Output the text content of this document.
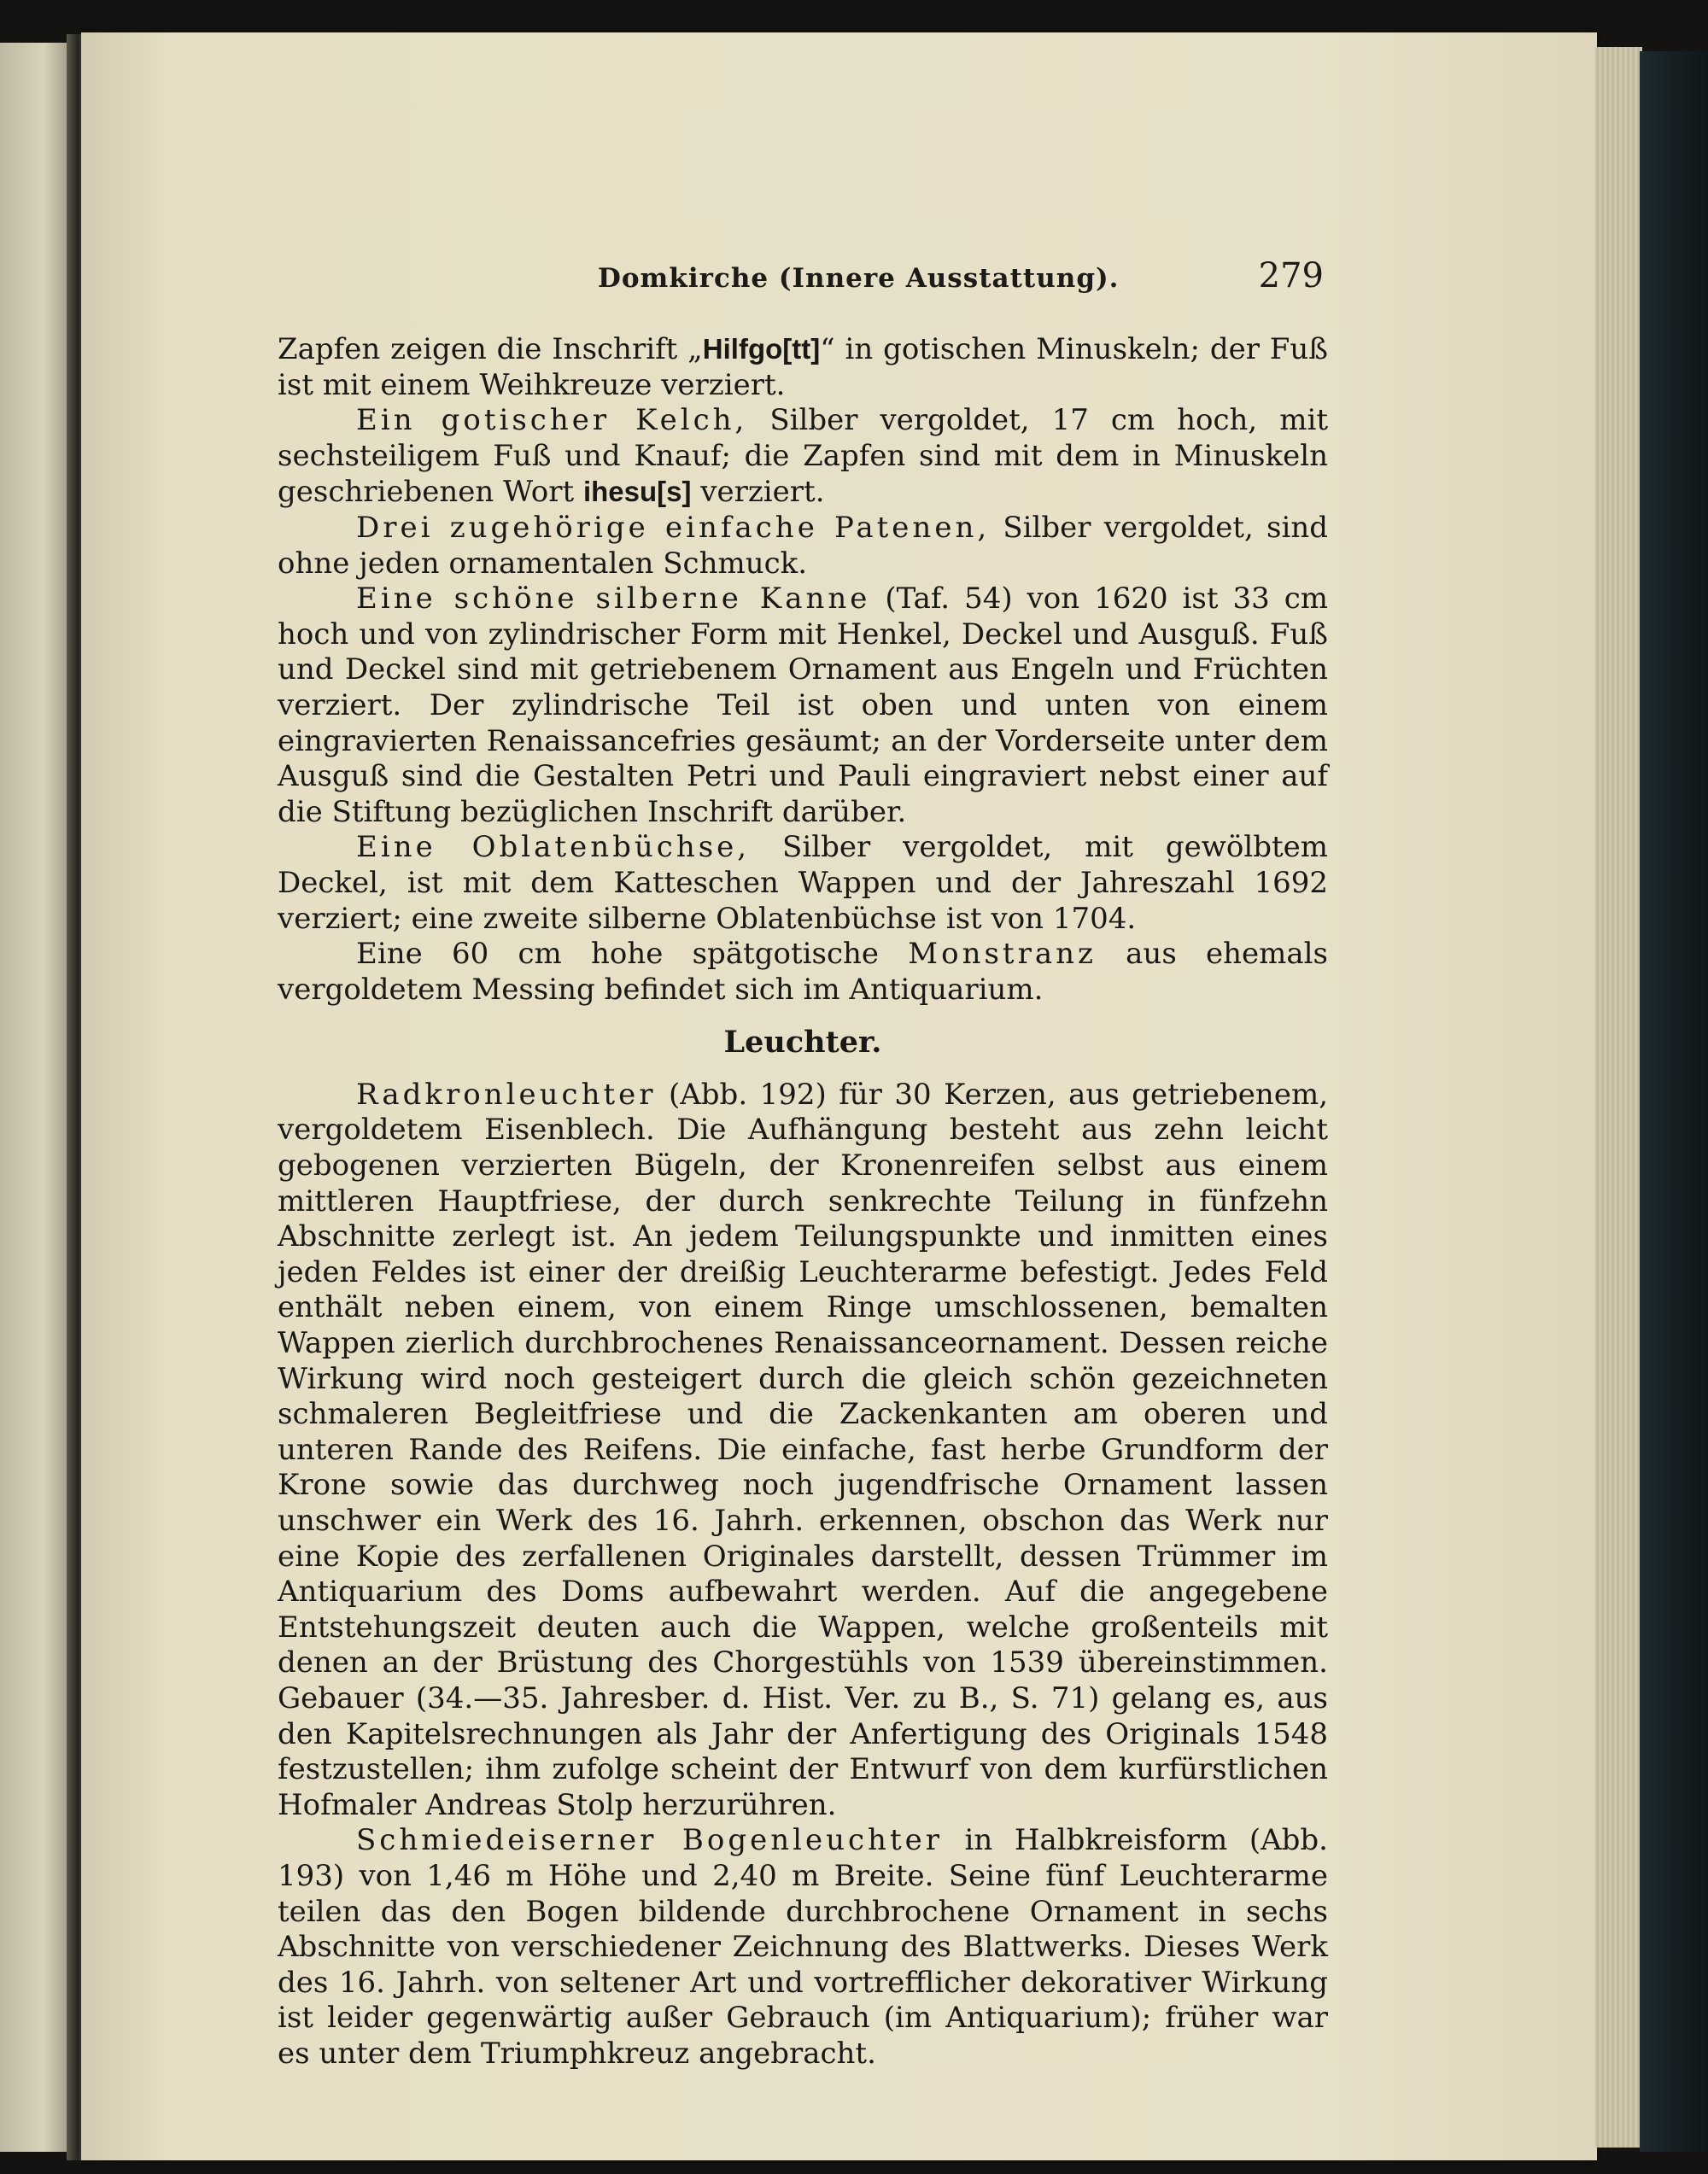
Domkirche (Innere Ausstattung).	279

Zapfen zeigen die Inschrift „Hilfgo[tt]“ in gotischen Minuskeln; der Fuß ist mit einem Weihkreuze verziert.

Ein gotischer Kelch, Silber vergoldet, 17 cm hoch, mit sechsteiligem Fuß und Knauf; die Zapfen sind mit dem in Minuskeln geschriebenen Wort ihesu[s] verziert.

Drei zugehörige einfache Patenen, Silber vergoldet, sind ohne jeden ornamentalen Schmuck.

Eine schöne silberne Kanne (Taf. 54) von 1620 ist 33 cm hoch und von zylindrischer Form mit Henkel, Deckel und Ausguß. Fuß und Deckel sind mit getriebenem Ornament aus Engeln und Früchten verziert. Der zylindrische Teil ist oben und unten von einem eingravierten Renaissancefries gesäumt; an der Vorderseite unter dem Ausguß sind die Gestalten Petri und Pauli eingraviert nebst einer auf die Stiftung bezüglichen Inschrift darüber.

Eine Oblatenbüchse, Silber vergoldet, mit gewölbtem Deckel, ist mit dem Katteschen Wappen und der Jahreszahl 1692 verziert; eine zweite silberne Oblatenbüchse ist von 1704.

Eine 60 cm hohe spätgotische Monstranz aus ehemals vergoldetem Messing befindet sich im Antiquarium.

Leuchter.

Radkronleuchter (Abb. 192) für 30 Kerzen, aus getriebenem, vergoldetem Eisenblech. Die Aufhängung besteht aus zehn leicht gebogenen verzierten Bügeln, der Kronenreifen selbst aus einem mittleren Hauptfriese, der durch senkrechte Teilung in fünfzehn Abschnitte zerlegt ist. An jedem Teilungspunkte und inmitten eines jeden Feldes ist einer der dreißig Leuchterarme befestigt. Jedes Feld enthält neben einem, von einem Ringe umschlossenen, bemalten Wappen zierlich durchbrochenes Renaissanceornament. Dessen reiche Wirkung wird noch gesteigert durch die gleich schön gezeichneten schmaleren Begleitfriese und die Zackenkanten am oberen und unteren Rande des Reifens. Die einfache, fast herbe Grundform der Krone sowie das durchweg noch jugendfrische Ornament lassen unschwer ein Werk des 16. Jahrh. erkennen, obschon das Werk nur eine Kopie des zerfallenen Originales darstellt, dessen Trümmer im Antiquarium des Doms aufbewahrt werden. Auf die angegebene Entstehungszeit deuten auch die Wappen, welche großenteils mit denen an der Brüstung des Chorgestühls von 1539 übereinstimmen. Gebauer (34.—35. Jahresber. d. Hist. Ver. zu B., S. 71) gelang es, aus den Kapitelsrechnungen als Jahr der Anfertigung des Originals 1548 festzustellen; ihm zufolge scheint der Entwurf von dem kurfürstlichen Hofmaler Andreas Stolp herzurühren.

Schmiedeiserner Bogenleuchter in Halbkreisform (Abb. 193) von 1,46 m Höhe und 2,40 m Breite. Seine fünf Leuchterarme teilen das den Bogen bildende durchbrochene Ornament in sechs Abschnitte von verschiedener Zeichnung des Blattwerks. Dieses Werk des 16. Jahrh. von seltener Art und vortrefflicher dekorativer Wirkung ist leider gegenwärtig außer Gebrauch (im Antiquarium); früher war es unter dem Triumphkreuz angebracht.
